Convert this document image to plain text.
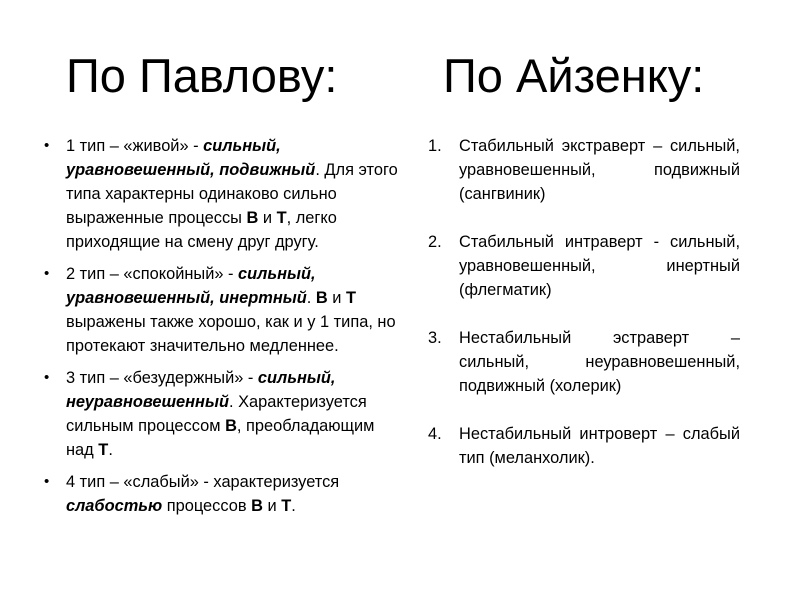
По Павлову: По Айзенку:
• 1 тип – «живой» - сильный, уравновешенный, подвижный. Для этого типа характерны одинаково сильно выраженные процессы В и Т, легко приходящие на смену друг другу.
• 2 тип – «спокойный» - сильный, уравновешенный, инертный. В и Т выражены также хорошо, как и у 1 типа, но протекают значительно медленнее.
• 3 тип – «безудержный» - сильный, неуравновешенный. Характеризуется сильным процессом В, преобладающим над Т.
• 4 тип – «слабый» - характеризуется слабостью процессов В и Т.
1. Стабильный экстраверт – сильный, уравновешенный, подвижный (сангвиник)
2. Стабильный интраверт - сильный, уравновешенный, инертный (флегматик)
3. Нестабильный эстраверт – сильный, неуравновешенный, подвижный (холерик)
4. Нестабильный интроверт – слабый тип (меланхолик).
